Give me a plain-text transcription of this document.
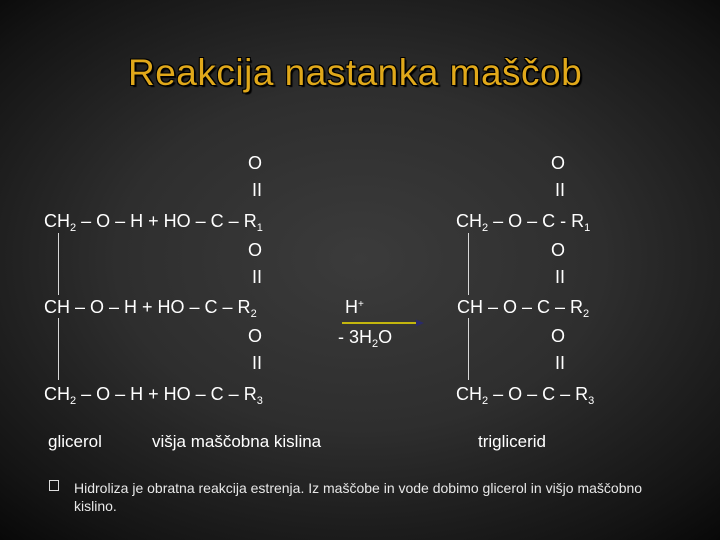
Reakcija nastanka maščob
O
II
$CH_2$ – O – H + HO – C – $R_1$
O
II
CH – O – H + HO – C – $R_2$
O
II
$CH_2$ – O – H + HO – C – $R_3$
H+
- $3H_2O$
O
II
$CH_2$ – O – C - $R_1$
O
II
CH – O – C – $R_2$
O
II
$CH_2$ – O – C – $R_3$
glicerol	višja maščobna kislina	triglicerid
Hidroliza je obratna reakcija estrenja. Iz maščobe in vode dobimo glicerol in višjo maščobno kislino.
